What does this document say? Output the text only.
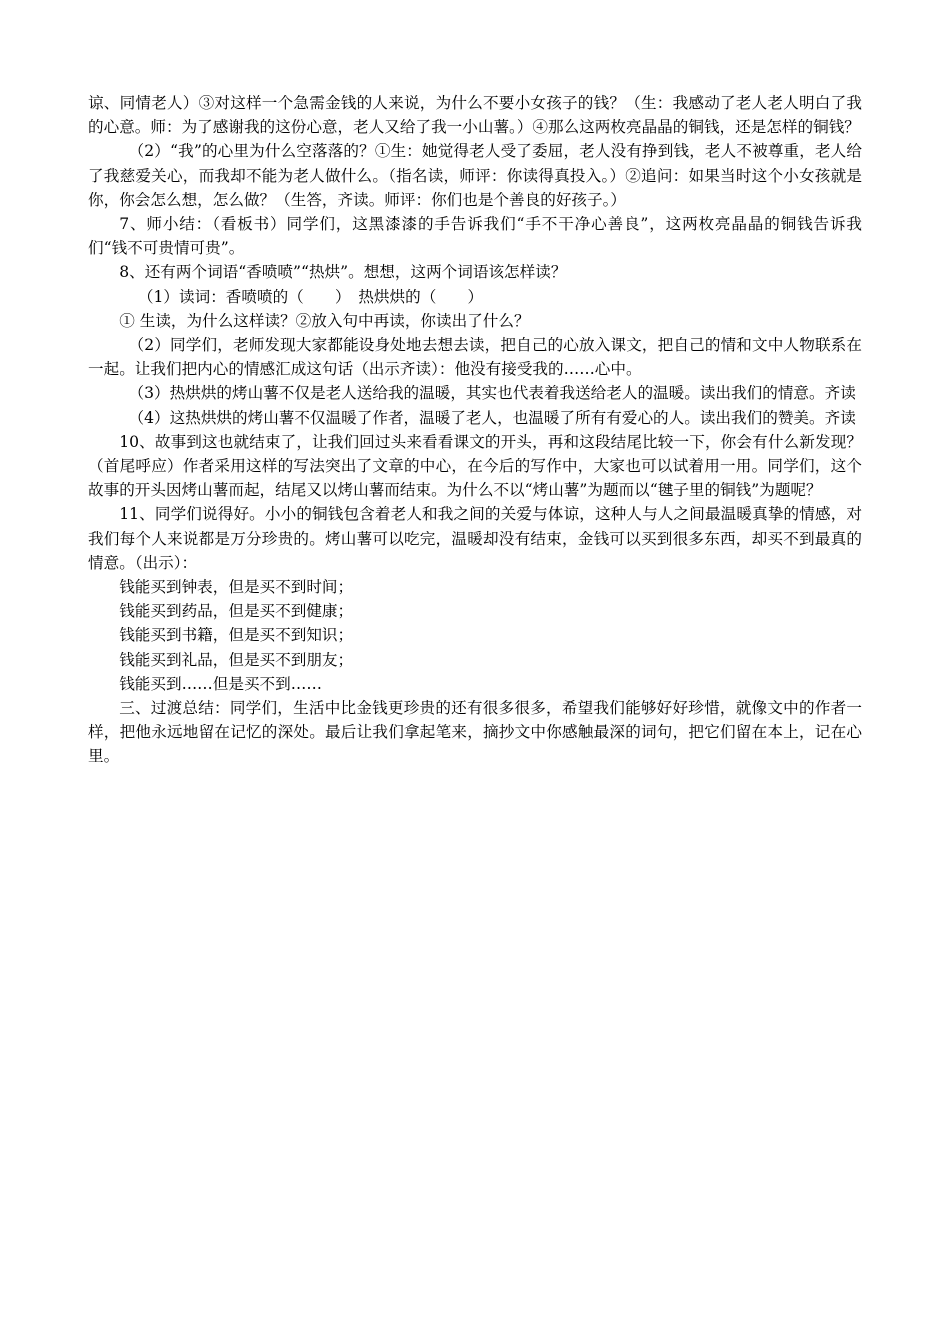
谅、同情老人）③对这样一个急需金钱的人来说，为什么不要小女孩子的钱？（生：我感动了老人老人明白了我的心意。师：为了感谢我的这份心意，老人又给了我一小山薯。）④那么这两枚亮晶晶的铜钱，还是怎样的铜钱？

（2）“我”的心里为什么空落落的？①生：她觉得老人受了委屈，老人没有挣到钱，老人不被尊重，老人给了我慈爱关心，而我却不能为老人做什么。（指名读，师评：你读得真投入。）②追问：如果当时这个小女孩就是你，你会怎么想，怎么做？（生答，齐读。师评：你们也是个善良的好孩子。）

7、师小结：（看板书）同学们，这黑漆漆的手告诉我们“手不干净心善良”，这两枚亮晶晶的铜钱告诉我们“钱不可贵情可贵”。

8、还有两个词语“香喷喷”“热烘”。想想，这两个词语该怎样读？

（1）读词：香喷喷的（　　）　热烘烘的（　　）

① 生读，为什么这样读？②放入句中再读，你读出了什么？

（2）同学们，老师发现大家都能设身处地去想去读，把自己的心放入课文，把自己的情和文中人物联系在一起。让我们把内心的情感汇成这句话（出示齐读）：他没有接受我的……心中。

（3）热烘烘的烤山薯不仅是老人送给我的温暖，其实也代表着我送给老人的温暖。读出我们的情意。齐读

（4）这热烘烘的烤山薯不仅温暖了作者，温暖了老人，也温暖了所有有爱心的人。读出我们的赞美。齐读

10、故事到这也就结束了，让我们回过头来看看课文的开头，再和这段结尾比较一下，你会有什么新发现？（首尾呼应）作者采用这样的写法突出了文章的中心，在今后的写作中，大家也可以试着用一用。同学们，这个故事的开头因烤山薯而起，结尾又以烤山薯而结束。为什么不以“烤山薯”为题而以“毽子里的铜钱”为题呢？

11、同学们说得好。小小的铜钱包含着老人和我之间的关爱与体谅，这种人与人之间最温暖真挚的情感，对我们每个人来说都是万分珍贵的。烤山薯可以吃完，温暖却没有结束，金钱可以买到很多东西，却买不到最真的情意。（出示）：

钱能买到钟表，但是买不到时间；

钱能买到药品，但是买不到健康；

钱能买到书籍，但是买不到知识；

钱能买到礼品，但是买不到朋友；

钱能买到……但是买不到……

三、过渡总结：同学们，生活中比金钱更珍贵的还有很多很多，希望我们能够好好珍惜，就像文中的作者一样，把他永远地留在记忆的深处。最后让我们拿起笔来，摘抄文中你感触最深的词句，把它们留在本上，记在心里。
